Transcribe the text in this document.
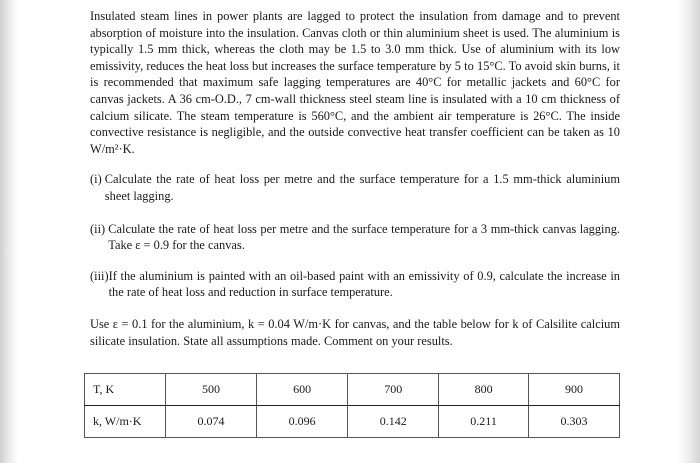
Insulated steam lines in power plants are lagged to protect the insulation from damage and to prevent absorption of moisture into the insulation. Canvas cloth or thin aluminium sheet is used. The aluminium is typically 1.5 mm thick, whereas the cloth may be 1.5 to 3.0 mm thick. Use of aluminium with its low emissivity, reduces the heat loss but increases the surface temperature by 5 to 15°C. To avoid skin burns, it is recommended that maximum safe lagging temperatures are 40°C for metallic jackets and 60°C for canvas jackets. A 36 cm-O.D., 7 cm-wall thickness steel steam line is insulated with a 10 cm thickness of calcium silicate. The steam temperature is 560°C, and the ambient air temperature is 26°C. The inside convective resistance is negligible, and the outside convective heat transfer coefficient can be taken as 10 W/m²·K.

(i) Calculate the rate of heat loss per metre and the surface temperature for a 1.5 mm-thick aluminium sheet lagging.
(ii) Calculate the rate of heat loss per metre and the surface temperature for a 3 mm-thick canvas lagging. Take ε = 0.9 for the canvas.
(iii) If the aluminium is painted with an oil-based paint with an emissivity of 0.9, calculate the increase in the rate of heat loss and reduction in surface temperature.

Use ε = 0.1 for the aluminium, k = 0.04 W/m·K for canvas, and the table below for k of Calsilite calcium silicate insulation. State all assumptions made. Comment on your results.

T, K	500	600	700	800	900
k, W/m·K	0.074	0.096	0.142	0.211	0.303
